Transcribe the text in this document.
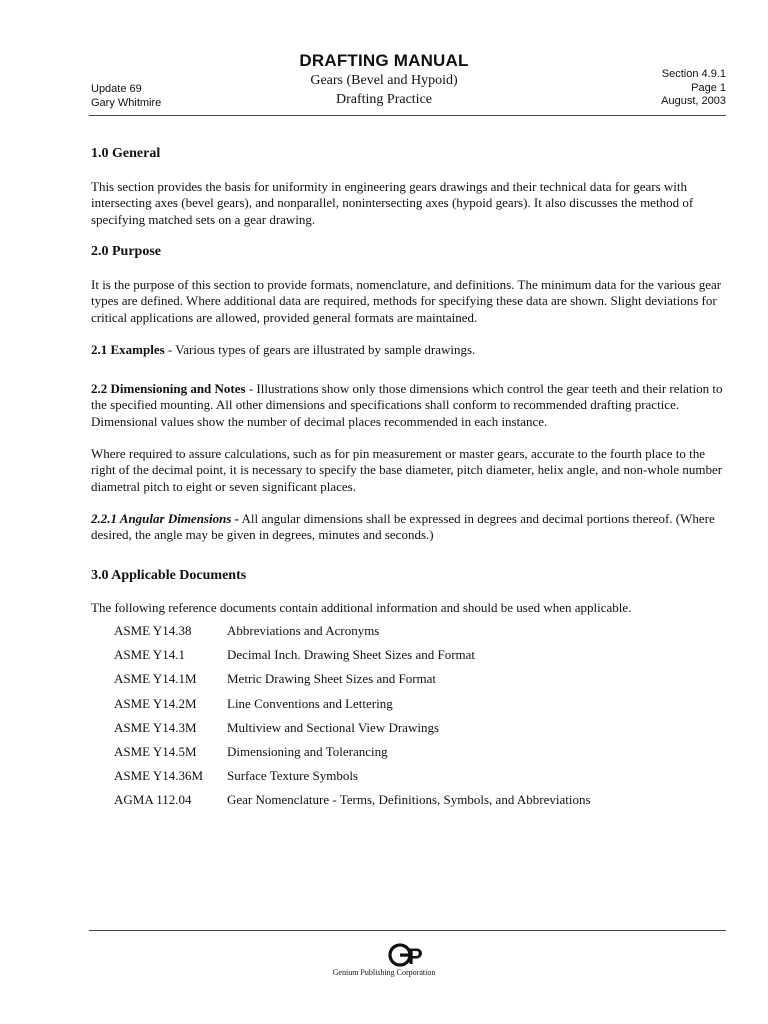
DRAFTING MANUAL
Gears (Bevel and Hypoid)
Drafting Practice
Update 69
Gary Whitmire
Section 4.9.1
Page 1
August, 2003
1.0 General
This section provides the basis for uniformity in engineering gears drawings and their technical data for gears with intersecting axes (bevel gears), and nonparallel, nonintersecting axes (hypoid gears). It also discusses the method of specifying matched sets on a gear drawing.
2.0 Purpose
It is the purpose of this section to provide formats, nomenclature, and definitions. The minimum data for the various gear types are defined. Where additional data are required, methods for specifying these data are shown. Slight deviations for critical applications are allowed, provided general formats are maintained.
2.1 Examples - Various types of gears are illustrated by sample drawings.
2.2 Dimensioning and Notes - Illustrations show only those dimensions which control the gear teeth and their relation to the specified mounting. All other dimensions and specifications shall conform to recommended drafting practice. Dimensional values show the number of decimal places recommended in each instance.
Where required to assure calculations, such as for pin measurement or master gears, accurate to the fourth place to the right of the decimal point, it is necessary to specify the base diameter, pitch diameter, helix angle, and non-whole number diametral pitch to eight or seven significant places.
2.2.1 Angular Dimensions - All angular dimensions shall be expressed in degrees and decimal portions thereof. (Where desired, the angle may be given in degrees, minutes and seconds.)
3.0 Applicable Documents
The following reference documents contain additional information and should be used when applicable.
ASME Y14.38	Abbreviations and Acronyms
ASME Y14.1	Decimal Inch. Drawing Sheet Sizes and Format
ASME Y14.1M Metric Drawing Sheet Sizes and Format
ASME Y14.2M Line Conventions and Lettering
ASME Y14.3M Multiview and Sectional View Drawings
ASME Y14.5M Dimensioning and Tolerancing
ASME Y14.36M Surface Texture Symbols
AGMA 112.04	Gear Nomenclature - Terms, Definitions, Symbols, and Abbreviations
P
Genium Publishing Corporation
